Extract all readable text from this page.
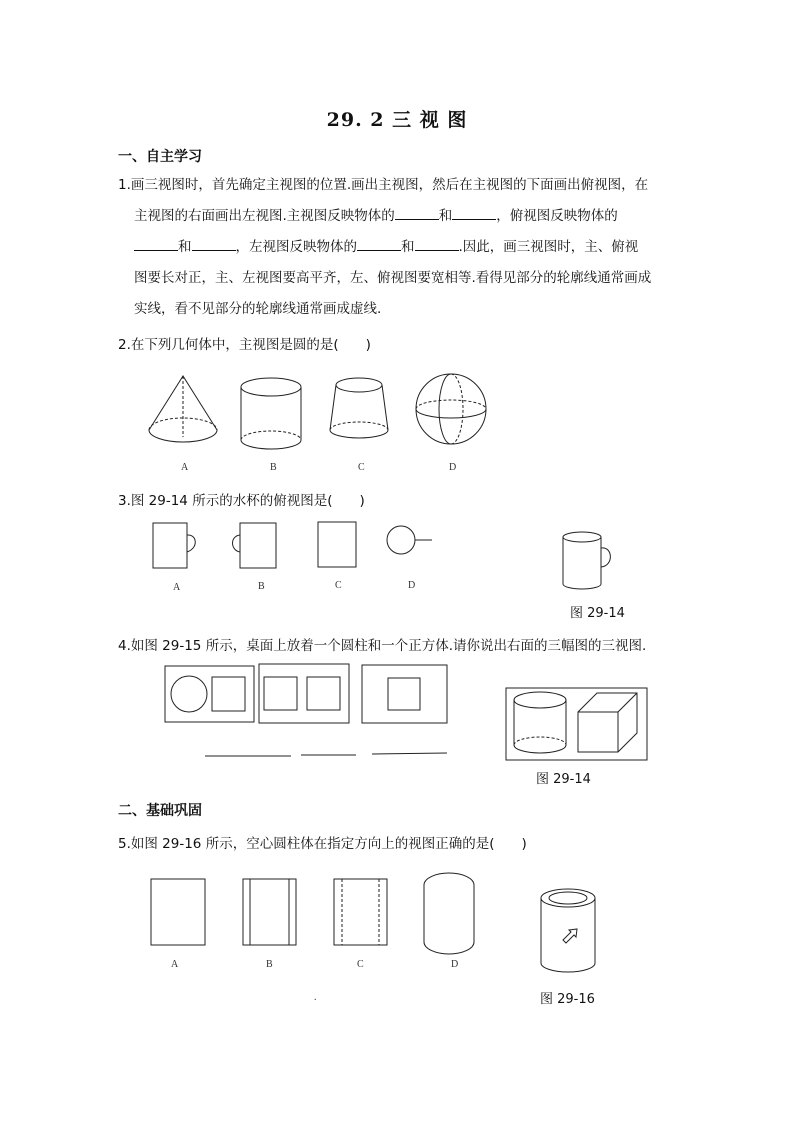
29. 2 三 视 图
一、自主学习
1.画三视图时，首先确定主视图的位置.画出主视图，然后在主视图的下面画出俯视图，在
主视图的右面画出左视图.主视图反映物体的	和	，俯视图反映物体的
和	，左视图反映物体的	和	.因此，画三视图时，主、俯视
图要长对正，主、左视图要高平齐，左、俯视图要宽相等.看得见部分的轮廓线通常画成
实线，看不见部分的轮廓线通常画成虚线.
2.在下列几何体中，主视图是圆的是(　　)
A	B	C	D
3.图 29-14 所示的水杯的俯视图是(　　)
A	B	C	D
图 29-14
4.如图 29-15 所示，桌面上放着一个圆柱和一个正方体.请你说出右面的三幅图的三视图.
图 29-14
二、基础巩固
5.如图 29-16 所示，空心圆柱体在指定方向上的视图正确的是(　　)
A	B	C	D
.	图 29-16
